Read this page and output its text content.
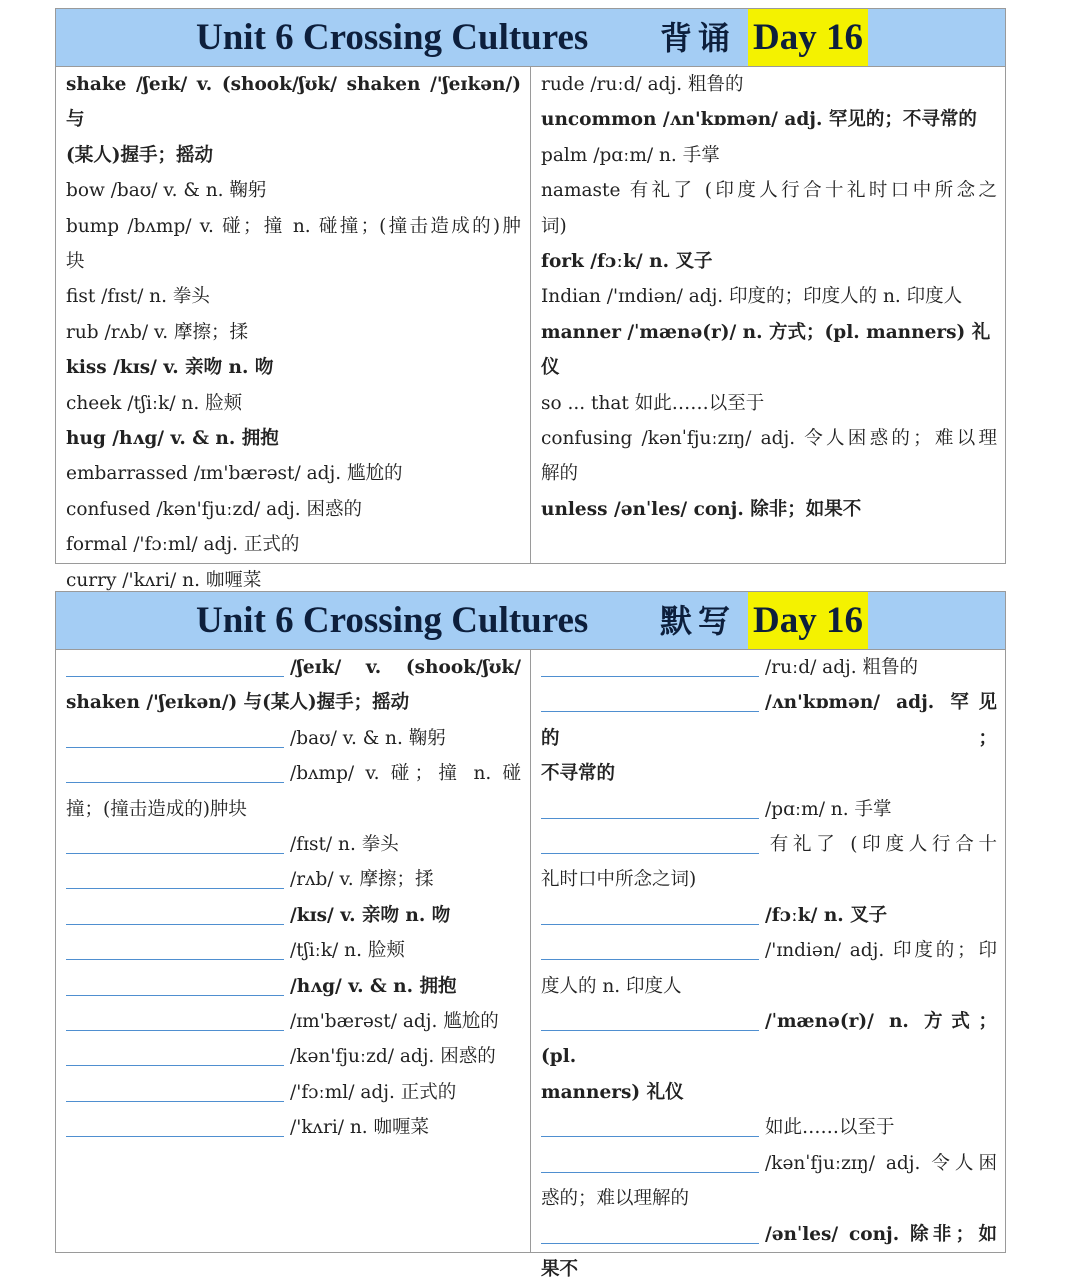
Unit 6 Crossing Cultures 背诵 Day 16
shake /ʃeɪk/ v. (shook/ʃʊk/ shaken /'ʃeɪkən/) 与
(某人)握手；摇动
bow /baʊ/ v. & n. 鞠躬
bump /bʌmp/ v. 碰；撞 n. 碰撞；(撞击造成的)肿
块
fist /fɪst/ n. 拳头
rub /rʌb/ v. 摩擦；揉
kiss /kɪs/ v. 亲吻 n. 吻
cheek /tʃiːk/ n. 脸颊
hug /hʌg/ v. & n. 拥抱
embarrassed /ɪm'bærəst/ adj. 尴尬的
confused /kən'fjuːzd/ adj. 困惑的
formal /'fɔːml/ adj. 正式的
curry /'kʌri/ n. 咖喱菜
rude /ruːd/ adj. 粗鲁的
uncommon /ʌn'kɒmən/ adj. 罕见的；不寻常的
palm /pɑːm/ n. 手掌
namaste 有礼了 (印度人行合十礼时口中所念之
词)
fork /fɔːk/ n. 叉子
Indian /'ɪndiən/ adj. 印度的；印度人的 n. 印度人
manner /ˈmænə(r)/ n. 方式；(pl. manners) 礼仪
so ... that 如此……以至于
confusing /kənˈfjuːzɪŋ/ adj. 令人困惑的；难以理
解的
unless /ənˈles/ conj. 除非；如果不
Unit 6 Crossing Cultures 默写 Day 16
/ʃeɪk/ v. (shook/ʃʊk/
shaken /'ʃeɪkən/) 与(某人)握手；摇动
/baʊ/ v. & n. 鞠躬
/bʌmp/ v. 碰；撞 n. 碰
撞；(撞击造成的)肿块
/fɪst/ n. 拳头
/rʌb/ v. 摩擦；揉
/kɪs/ v. 亲吻 n. 吻
/tʃiːk/ n. 脸颊
/hʌg/ v. & n. 拥抱
/ɪm'bærəst/ adj. 尴尬的
/kən'fjuːzd/ adj. 困惑的
/'fɔːml/ adj. 正式的
/'kʌri/ n. 咖喱菜
/ruːd/ adj. 粗鲁的
/ʌn'kɒmən/ adj. 罕见的；
不寻常的
/pɑːm/ n. 手掌
有礼了 (印度人行合十
礼时口中所念之词)
/fɔːk/ n. 叉子
/'ɪndiən/ adj. 印度的；印
度人的 n. 印度人
/ˈmænə(r)/ n. 方式；(pl.
manners) 礼仪
如此……以至于
/kənˈfjuːzɪŋ/ adj. 令人困
惑的；难以理解的
/ənˈles/ conj. 除非；如
果不
